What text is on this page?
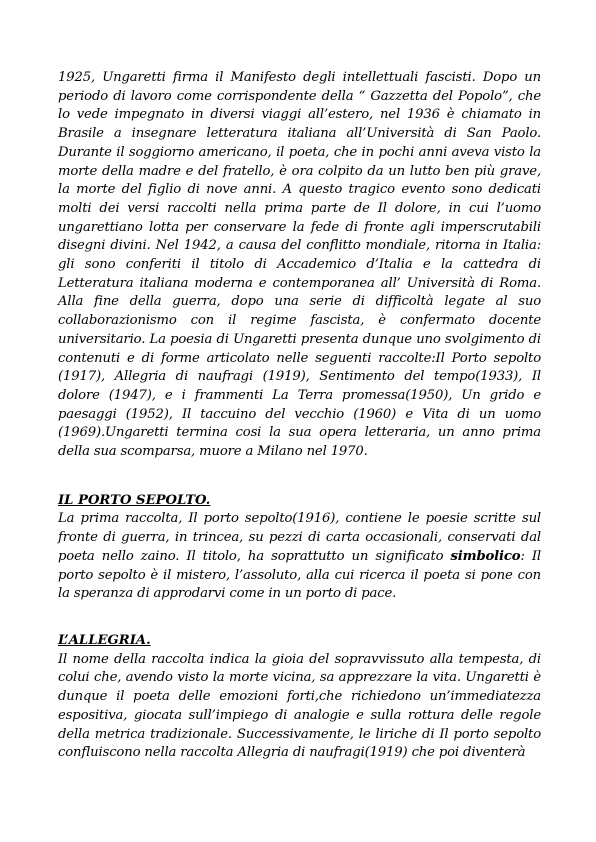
1925, Ungaretti firma il Manifesto degli intellettuali fascisti. Dopo un periodo di lavoro come corrispondente della “ Gazzetta del Popolo”, che lo vede impegnato in diversi viaggi all’estero, nel 1936 è chiamato in Brasile a insegnare letteratura italiana all’Università di San Paolo. Durante il soggiorno americano, il poeta, che in pochi anni aveva visto la morte della madre e del fratello, è ora colpito da un lutto ben più grave, la morte del figlio di nove anni. A questo tragico evento sono dedicati molti dei versi raccolti nella prima parte de Il dolore, in cui l’uomo ungarettiano lotta per conservare la fede di fronte agli imperscrutabili disegni divini. Nel 1942, a causa del conflitto mondiale, ritorna in Italia: gli sono conferiti il titolo di Accademico d’Italia e la cattedra di Letteratura italiana moderna e contemporanea all’ Università di Roma. Alla fine della guerra, dopo una serie di difficoltà legate al suo collaborazionismo con il regime fascista, è confermato docente universitario. La poesia di Ungaretti presenta dunque uno svolgimento di contenuti e di forme articolato nelle seguenti raccolte:Il Porto sepolto (1917), Allegria di naufragi (1919), Sentimento del tempo(1933), Il dolore (1947), e i frammenti La Terra promessa(1950), Un grido e paesaggi (1952), Il taccuino del vecchio (1960) e Vita di un uomo (1969).Ungaretti termina cosi la sua opera letteraria, un anno prima della sua scomparsa, muore a Milano nel 1970.

IL PORTO SEPOLTO.

La prima raccolta, Il porto sepolto(1916), contiene le poesie scritte sul fronte di guerra, in trincea, su pezzi di carta occasionali, conservati dal poeta nello zaino. Il titolo, ha soprattutto un significato simbolico: Il porto sepolto è il mistero, l’assoluto, alla cui ricerca il poeta si pone con la speranza di approdarvi come in un porto di pace.

L’ALLEGRIA.

Il nome della raccolta indica la gioia del sopravvissuto alla tempesta, di colui che, avendo visto la morte vicina, sa apprezzare la vita. Ungaretti è dunque il poeta delle emozioni forti,che richiedono un’immediatezza espositiva, giocata sull’impiego di analogie e sulla rottura delle regole della metrica tradizionale. Successivamente, le liriche di Il porto sepolto confluiscono nella raccolta Allegria di naufragi(1919) che poi diventerà
